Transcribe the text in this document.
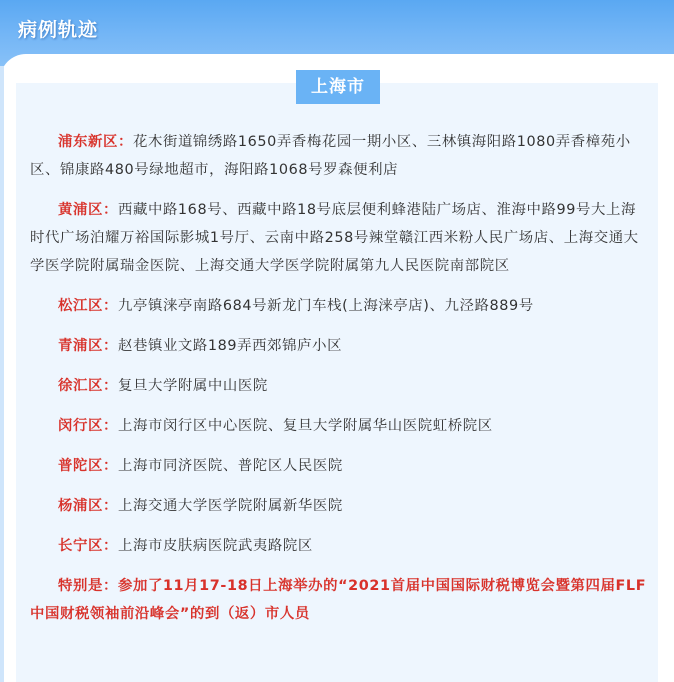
病例轨迹
上海市

浦东新区：花木街道锦绣路1650弄香梅花园一期小区、三林镇海阳路1080弄香樟苑小区、锦康路480号绿地超市，海阳路1068号罗森便利店

黄浦区：西藏中路168号、西藏中路18号底层便利蜂港陆广场店、淮海中路99号大上海时代广场泊耀万裕国际影城1号厅、云南中路258号辣堂赣江西米粉人民广场店、上海交通大学医学院附属瑞金医院、上海交通大学医学院附属第九人民医院南部院区

松江区：九亭镇涞亭南路684号新龙门车栈(上海涞亭店)、九泾路889号

青浦区：赵巷镇业文路189弄西郊锦庐小区

徐汇区：复旦大学附属中山医院

闵行区：上海市闵行区中心医院、复旦大学附属华山医院虹桥院区

普陀区：上海市同济医院、普陀区人民医院

杨浦区：上海交通大学医学院附属新华医院

长宁区：上海市皮肤病医院武夷路院区

特别是：参加了11月17-18日上海举办的“2021首届中国国际财税博览会暨第四届FLF中国财税领袖前沿峰会”的到（返）市人员
